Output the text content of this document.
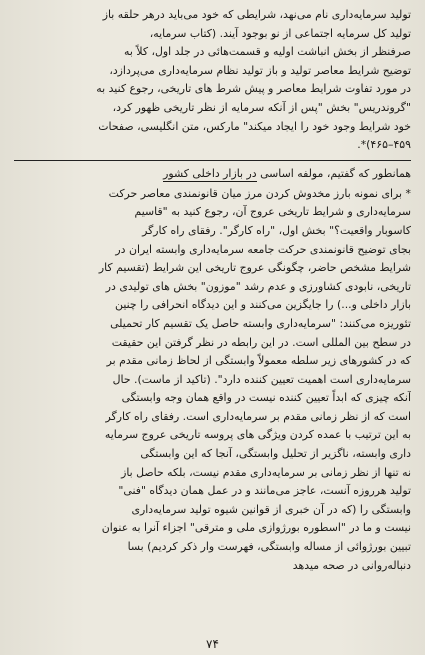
تولید سرمایه‌داری نام می‌نهد، شرایطی که خود می‌باید درهر حلقه باز
تولید کل سرمایه اجتماعی از نو بوجود آیند. (کتاب سرمایه،
صرفنظر از بخش انباشت اولیه و قسمت‌هائی در جلد اول، کلاً به
توضیح شرایط معاصر تولید و باز تولید نظام سرمایه‌داری می‌پردازد،
در مورد تفاوت شرایط معاصر و پیش شرط های تاریخی، رجوع کنید به
"گروندریس" بخش "پس از آنکه سرمایه از نظر تاریخی ظهور کرد،
خود شرایط وجود خود را ایجاد میکند" مارکس، متن انگلیسی، صفحات
۴۵۹–۴۶۵)*.
همانطور که گفتیم، مولفه اساسی در بازار داخلی کشور
* برای نمونه بارز مخدوش کردن مرز میان قانونمندی معاصر حرکت
سرمایه‌داری و شرایط تاریخی عروج آن، رجوع کنید به "قاسیم
کاسوبار واقعیت؟" بخش اول، "راه کارگر". رفقای راه کارگر
بجای توضیح قانونمندی حرکت جامعه سرمایه‌داری وابسته ایران در
شرایط مشخص حاضر، چگونگی عروج تاریخی این شرایط (تقسیم کار
تاریخی، نابودی کشاورزی و عدم رشد "موزون" بخش های تولیدی در
بازار داخلی و...) را جایگزین می‌کنند و این دیدگاه انحرافی را چنین
تئوریزه می‌کنند: "سرمایه‌داری وابسته حاصل یک تقسیم کار تحمیلی
در سطح بین المللی است. در این رابطه در نظر گرفتن این حقیقت
که در کشورهای زیر سلطه معمولاً وابستگی از لحاظ زمانی مقدم بر
سرمایه‌داری است اهمیت تعیین کننده دارد". (تاکید از ماست). حال
آنکه چیزی که ابداً تعیین کننده نیست در واقع همان وجه وابستگی
است که از نظر زمانی مقدم بر سرمایه‌داری است. رفقای راه کارگر
به این ترتیب با عمده کردن ویژگی های پروسه تاریخی عروج سرمایه
داری وابسته، ناگزیر از تحلیل وابستگی، آنجا که این وابستگی
نه تنها از نظر زمانی بر سرمایه‌داری مقدم نیست، بلکه حاصل باز
تولید هرروزه آنست، عاجز می‌مانند و در عمل همان دیدگاه "فنی"
وابستگی را (که در آن خبری از قوانین شیوه تولید سرمایه‌داری
نیست و ما در "اسطوره بورژوازی ملی و مترقی" اجزاء آنرا به عنوان
تبیین بورژوائی از مساله وابستگی، فهرست وار ذکر کردیم) بسا
دنباله‌روانی در صحه میدهد
۷۴
